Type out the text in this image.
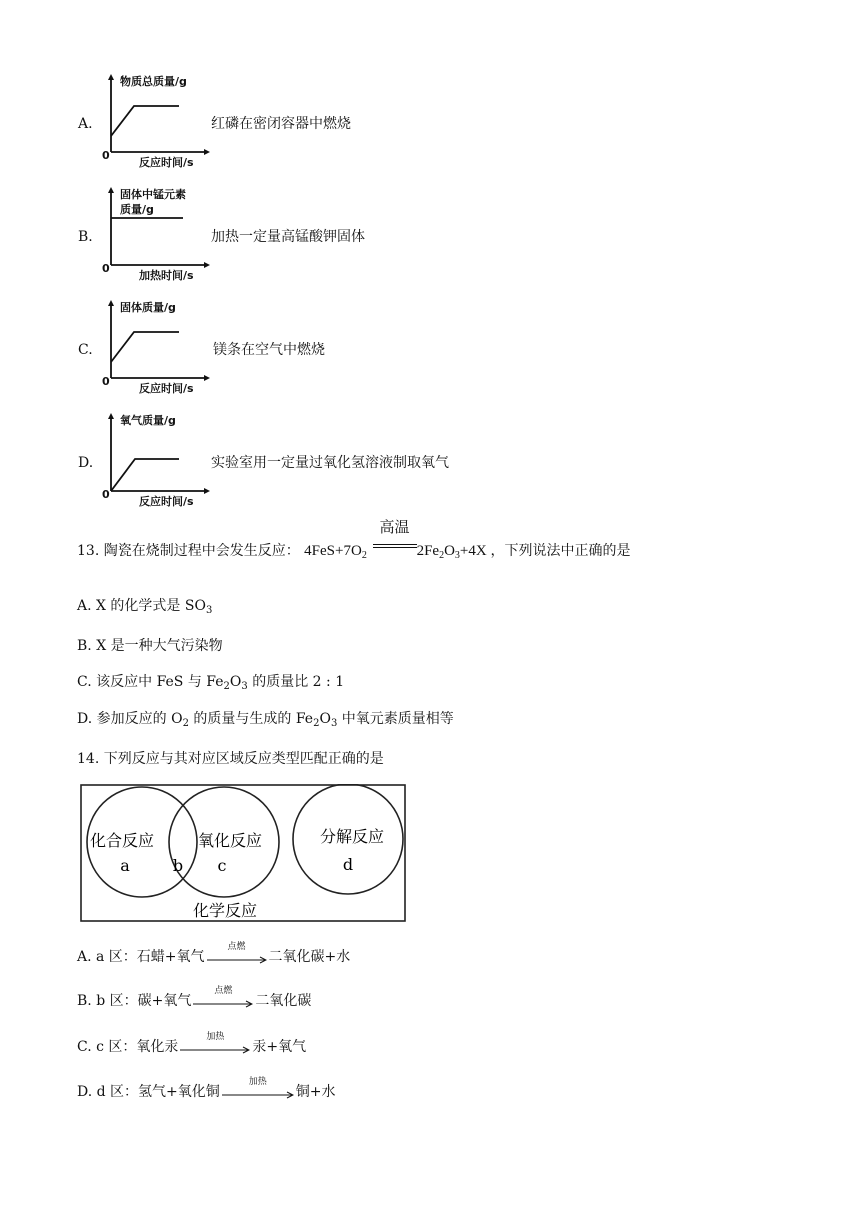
A.	红磷在密闭容器中燃烧
物质总质量/g
反应时间/s
0
B.	加热一定量高锰酸钾固体
固体中锰元素
质量/g
加热时间/s
0
C.	镁条在空气中燃烧
固体质量/g
反应时间/s
0
D.	实验室用一定量过氧化氢溶液制取氧气
氧气质量/g
反应时间/s
0
13. 陶瓷在烧制过程中会发生反应： $4FeS+7O_2$
高温
$2Fe_2O_3+4X$ ，下列说法中正确的是
A. X 的化学式是 $SO_3$
B. X 是一种大气污染物
C. 该反应中 FeS 与 $Fe_2O_3$ 的质量比 2 : 1
D. 参加反应的 $O_2$ 的质量与生成的 $Fe_2O_3$ 中氧元素质量相等
14. 下列反应与其对应区域反应类型匹配正确的是
化合反应
a	b
氧化反应
c
分解反应
d
化学反应
A. a 区：石蜡+氧气
点燃
二氧化碳+水
B. b 区：碳+氧气
点燃
二氧化碳
C. c 区：氧化汞
加热
汞+氧气
D. d 区：氢气+氧化铜
加热
铜+水
